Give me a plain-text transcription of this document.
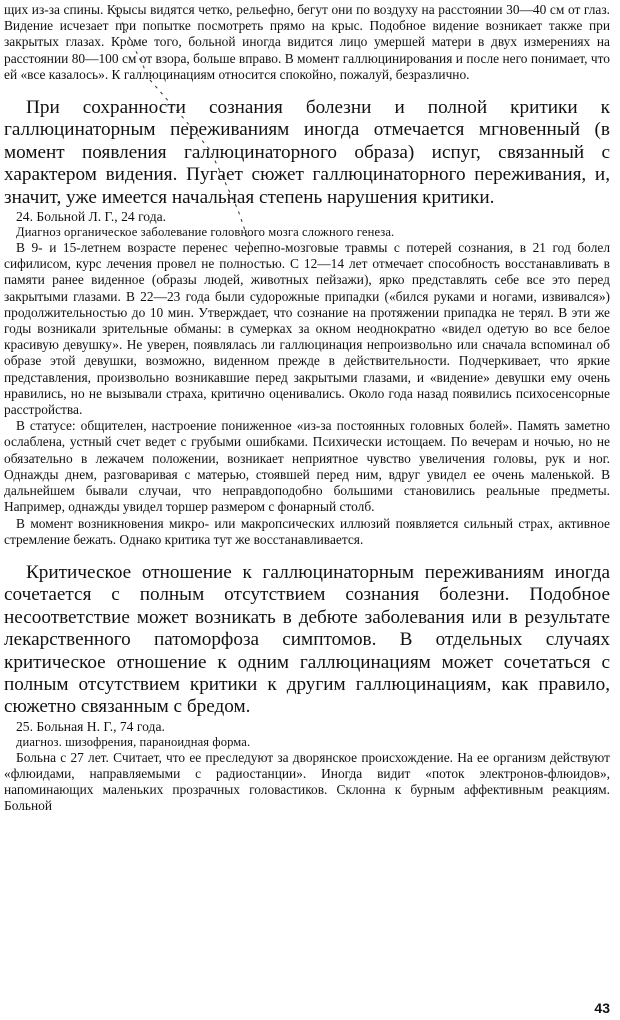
щих из-за спины. Крысы видятся четко, рельефно, бегут они по воздуху на расстоянии 30—40 см от глаз. Видение исчезает при попытке посмотреть прямо на крыс. Подобное видение возникает также при закрытых глазах. Кроме того, больной иногда видится лицо умершей матери в двух измерениях на расстоянии 80—100 см от взора, больше вправо. В момент галлюцинирования и после него понимает, что ей «все казалось». К галлюцинациям относится спокойно, пожалуй, безразлично.

При сохранности сознания болезни и полной критики к галлюцинаторным переживаниям иногда отмечается мгновенный (в момент появления галлюцинаторного образа) испуг, связанный с характером видения. Пугает сюжет галлюцинаторного переживания, и, значит, уже имеется начальная степень нарушения критики.

24. Больной Л. Г., 24 года.

Диагноз органическое заболевание головного мозга сложного генеза.

В 9- и 15-летнем возрасте перенес черепно-мозговые травмы с потерей сознания, в 21 год болел сифилисом, курс лечения провел не полностью. С 12—14 лет отмечает способность восстанавливать в памяти ранее виденное (образы людей, животных пейзажи), ярко представлять себе все это перед закрытыми глазами. В 22—23 года были судорожные припадки («бился руками и ногами, извивался») продолжительностью до 10 мин. Утверждает, что сознание на протяжении припадка не терял. В эти же годы возникали зрительные обманы: в сумерках за окном неоднократно «видел одетую во все белое красивую девушку». Не уверен, появлялась ли галлюцинация непроизвольно или сначала вспоминал об образе этой девушки, возможно, виденном прежде в действительности. Подчеркивает, что яркие представления, произвольно возникавшие перед закрытыми глазами, и «видение» девушки ему очень нравились, но не вызывали страха, критично оценивались. Около года назад появились психосенсорные расстройства.

В статусе: общителен, настроение пониженное «из-за постоянных головных болей». Память заметно ослаблена, устный счет ведет с грубыми ошибками. Психически истощаем. По вечерам и ночью, но не обязательно в лежачем положении, возникает неприятное чувство увеличения головы, рук и ног. Однажды днем, разговаривая с матерью, стоявшей перед ним, вдруг увидел ее очень маленькой. В дальнейшем бывали случаи, что неправдоподобно большими становились реальные предметы. Например, однажды увидел торшер размером с фонарный столб.

В момент возникновения микро- или макропсических иллюзий появляется сильный страх, активное стремление бежать. Однако критика тут же восстанавливается.

Критическое отношение к галлюцинаторным переживаниям иногда сочетается с полным отсутствием сознания болезни. Подобное несоответствие может возникать в дебюте заболевания или в результате лекарственного патоморфоза симптомов. В отдельных случаях критическое отношение к одним галлюцинациям может сочетаться с полным отсутствием критики к другим галлюцинациям, как правило, сюжетно связанным с бредом.

25. Больная Н. Г., 74 года.

диагноз. шизофрения, параноидная форма.

Больна с 27 лет. Считает, что ее преследуют за дворянское происхождение. На ее организм действуют «флюидами, направляемыми с радиостанции». Иногда видит «поток электронов-флюидов», напоминающих маленьких прозрачных головастиков. Склонна к бурным аффективным реакциям. Больной

43
